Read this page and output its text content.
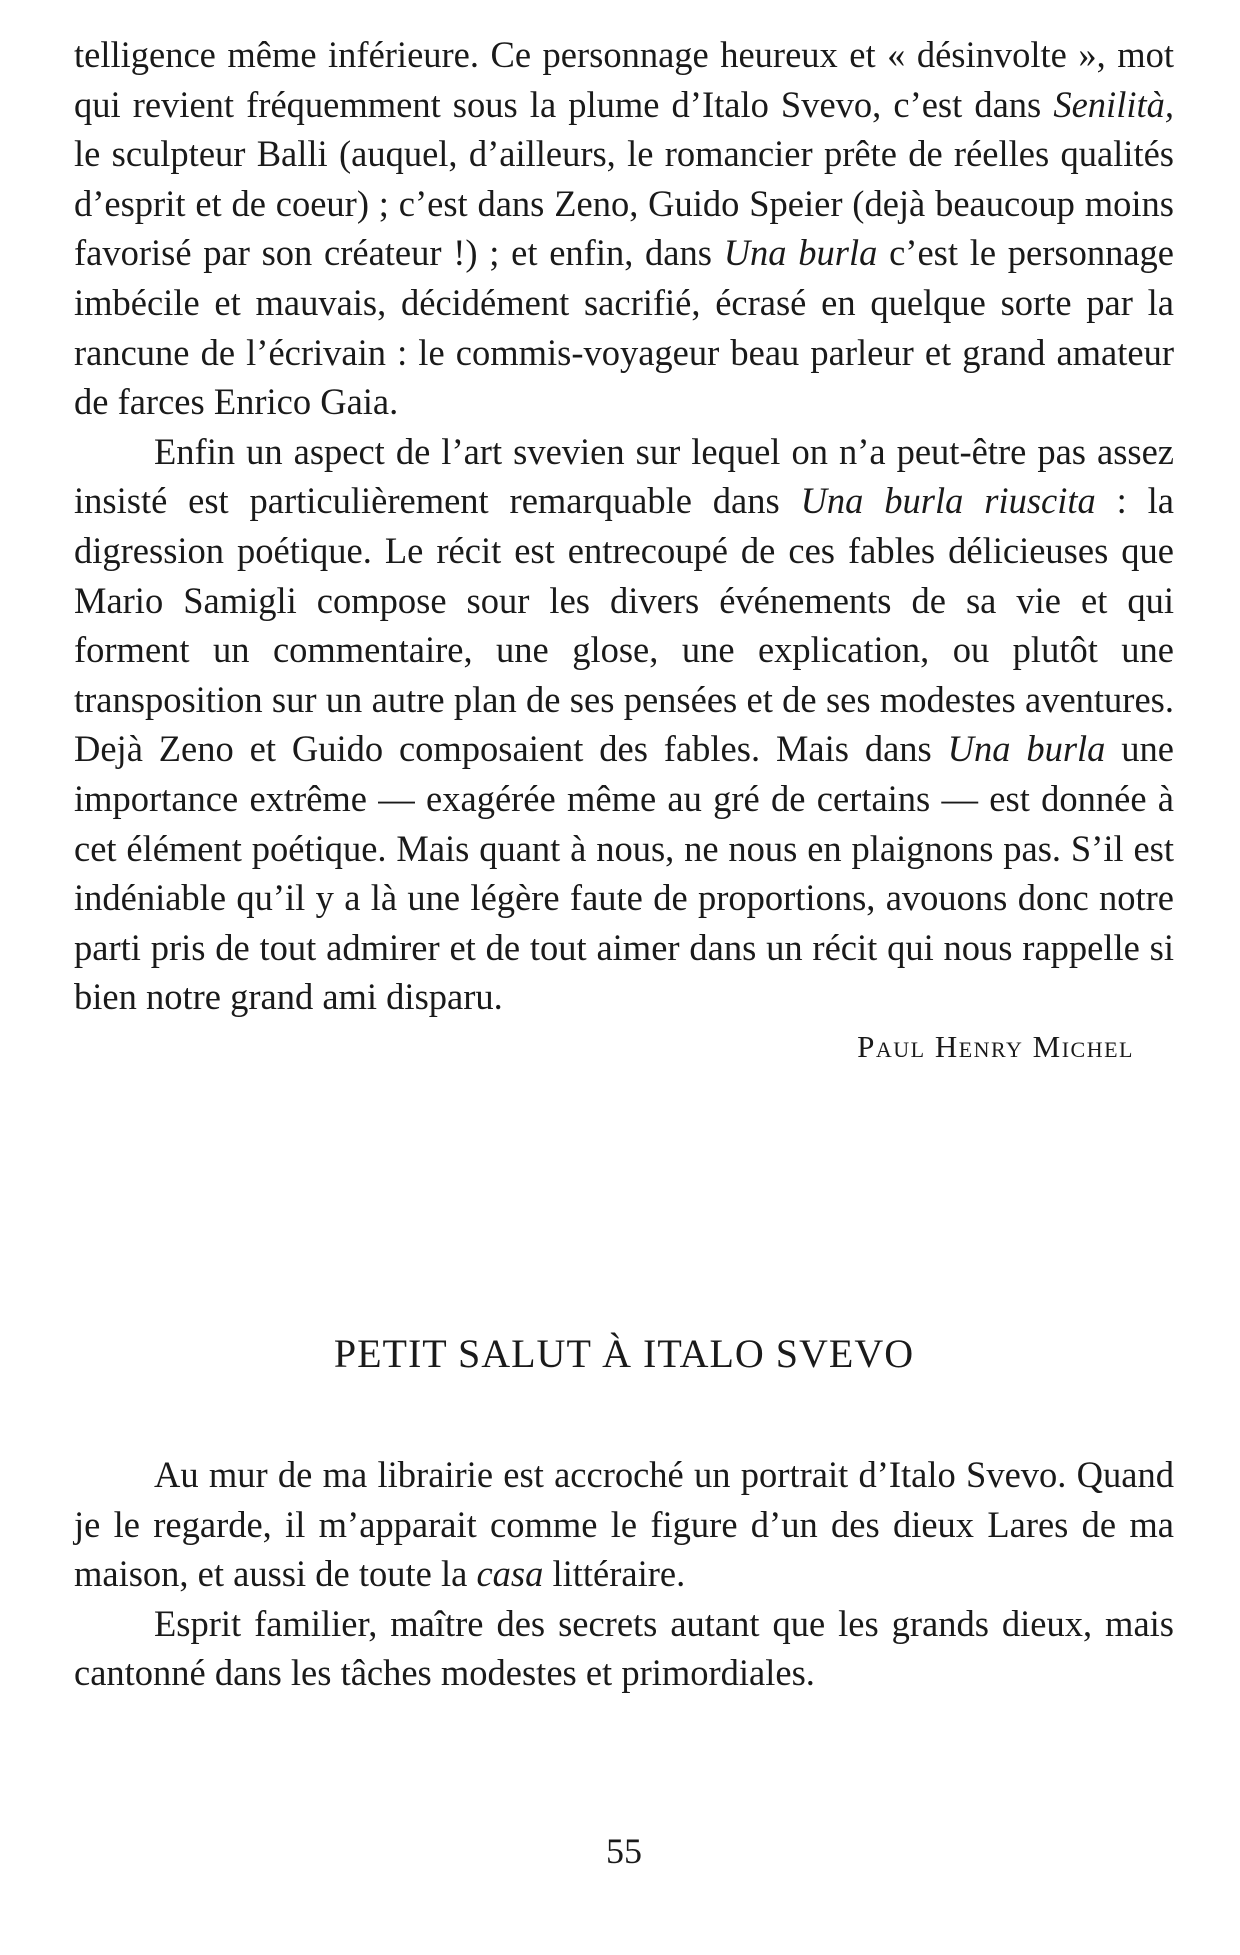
telligence même inférieure. Ce personnage heureux et « désinvolte », mot qui revient fréquemment sous la plume d’Italo Svevo, c’est dans Senilità, le sculpteur Balli (auquel, d’ailleurs, le romancier prête de réelles qualités d’esprit et de coeur) ; c’est dans Zeno, Guido Speier (dejà beaucoup moins favorisé par son créateur !) ; et enfin, dans Una burla c’est le personnage imbécile et mauvais, décidément sacrifié, écrasé en quelque sorte par la rancune de l’écrivain : le commis-voyageur beau parleur et grand amateur de farces Enrico Gaia.

Enfin un aspect de l’art svevien sur lequel on n’a peut-être pas assez insisté est particulièrement remarquable dans Una burla riuscita : la digression poétique. Le récit est entrecoupé de ces fables délicieuses que Mario Samigli compose sour les divers événements de sa vie et qui forment un commentaire, une glose, une explication, ou plutôt une transposition sur un autre plan de ses pensées et de ses modestes aventures. Dejà Zeno et Guido composaient des fables. Mais dans Una burla une importance extrême — exagérée même au gré de certains — est donnée à cet élément poétique. Mais quant à nous, ne nous en plaignons pas. S’il est indéniable qu’il y a là une légère faute de proportions, avouons donc notre parti pris de tout admirer et de tout aimer dans un récit qui nous rappelle si bien notre grand ami disparu.

Paul Henry Michel

PETIT SALUT À ITALO SVEVO

Au mur de ma librairie est accroché un portrait d’Italo Svevo. Quand je le regarde, il m’apparait comme le figure d’un des dieux Lares de ma maison, et aussi de toute la casa littéraire.

Esprit familier, maître des secrets autant que les grands dieux, mais cantonné dans les tâches modestes et primordiales.

55
